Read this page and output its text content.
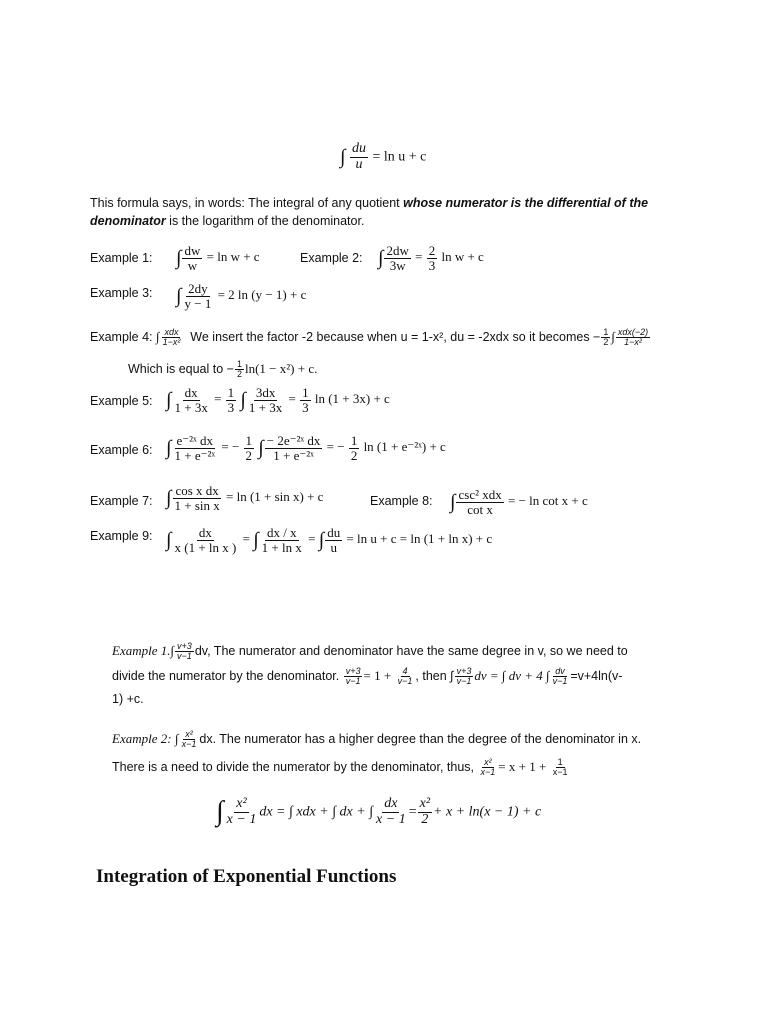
∫ $\frac{du}{u} = \ln u + c$
This formula says, in words: The integral of any quotient whose numerator is the differential of the
denominator is the logarithm of the denominator.
Example 1: ∫ $\frac{dw}{w} = \ln w + c$	Example 2: ∫ $\frac{2dw}{3w} = \frac{2}{3}$ ln w + c
Example 3: ∫ $\frac{2dy}{y - 1} = 2$ ln (y − 1) + c
Example 4: ∫ $\frac{\text{xdx}}{\text{1−x²}}$ We insert the factor -2 because when u = 1-x², du = -2xdx so it becomes − $\frac{1}{2}$ ∫ $\frac{\text{xdx(−2)}}{\text{1−x²}}$
Which is equal to − $\frac{1}{2} \ln(1 - x^2) + c$.
Example 5: ∫ $\frac{dx}{1 + 3x} = \frac{1}{3}$ ∫ $\frac{3dx}{1 + 3x} = \frac{1}{3}$ ln (1 + 3x) + c
Example 6: ∫ $\frac{\text{e⁻²ˣ dx}}{\text{1 + e⁻²ˣ}}$ = − $\frac{1}{2}$ ∫ $\frac{\text{− 2e⁻²ˣ dx}}{\text{1 + e⁻²ˣ}}$ = − $\frac{1}{2}$ ln (1 + e⁻²ˣ) + c
Example 7: ∫ $\frac{\text{cos x dx}}{\text{1 + sin x}} = \ln (1 + \sin x) + c$	Example 8: ∫ $\frac{\text{csc² xdx}}{\text{cot x}}$ = − ln cot x + c
Example 9: ∫ $\frac{dx}{\text{x (1 + ln x )}}$ = ∫ $\frac{dx / x}{\text{1 + ln x}}$ = ∫ $\frac{du}{u} = \ln u + c = \ln (1 + \ln x) + c$
Example $1.\int \frac{v+3}{v-1}$ dv, The numerator and denominator have the same degree in v, so we need to
divide the numerator by the denominator. $\frac{v+3}{v-1} = 1 + \frac{4}{v-1}$ , then ∫ $\frac{v+3}{v-1}$ dv = ∫ dv + 4 ∫ $\frac{dv}{v-1} =v+4\ln(v-$
1) +c.
Example 2: ∫ $\frac{\text{x²}}{x-1}$ dx. The numerator has a higher degree than the degree of the denominator in x.
There is a need to divide the numerator by the denominator, thus, $\frac{\text{x²}}{x-1} = x + 1 + \frac{1}{x-1}$
∫ $\frac{\text{x²}}{x - 1}$ dx = ∫ xdx + ∫ dx + ∫ $\frac{dx}{x - 1} = \frac{\text{x²}}{2} + x + \ln(x - 1) + c$
Integration of Exponential Functions
